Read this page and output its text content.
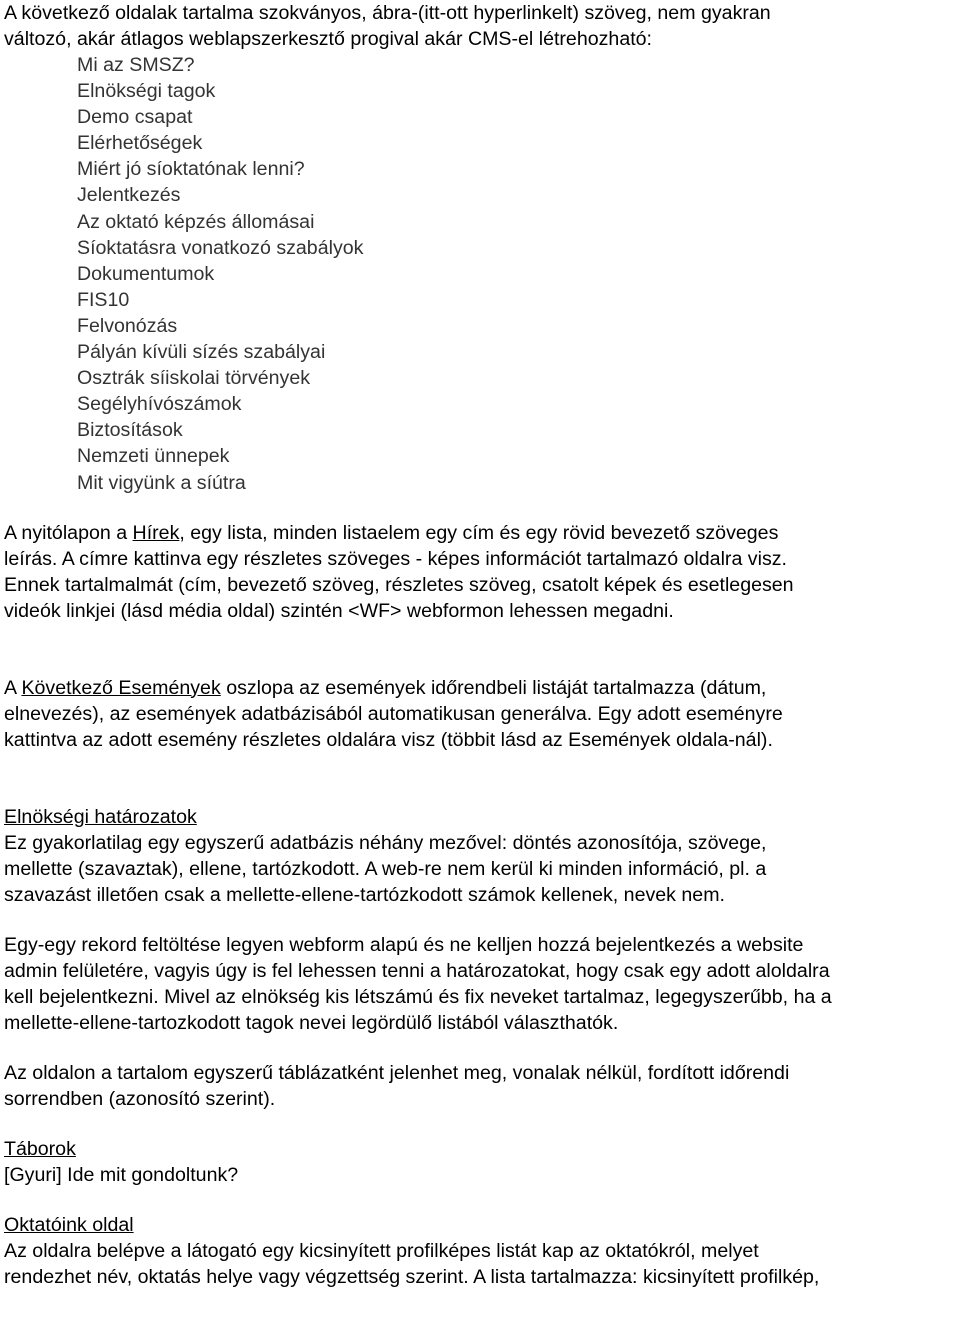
A következő oldalak tartalma szokványos, ábra-(itt-ott hyperlinkelt) szöveg, nem gyakran
változó, akár átlagos weblapszerkesztő progival akár CMS-el létrehozható:
Mi az SMSZ?
Elnökségi tagok
Demo csapat
Elérhetőségek
Miért jó síoktatónak lenni?
Jelentkezés
Az oktató képzés állomásai
Síoktatásra vonatkozó szabályok
Dokumentumok
FIS10
Felvonózás
Pályán kívüli sízés szabályai
Osztrák síiskolai törvények
Segélyhívószámok
Biztosítások
Nemzeti ünnepek
Mit vigyünk a síútra
A nyitólapon a Hírek, egy lista, minden listaelem egy cím és egy rövid bevezető szöveges
leírás. A címre kattinva egy részletes szöveges - képes információt tartalmazó oldalra visz.
Ennek tartalmalmát (cím, bevezető szöveg, részletes szöveg, csatolt képek és esetlegesen
videók linkjei (lásd média oldal) szintén <WF> webformon lehessen megadni.
A Következő Események oszlopa az események időrendbeli listáját tartalmazza (dátum,
elnevezés), az események adatbázisából automatikusan generálva. Egy adott eseményre
kattintva az adott esemény részletes oldalára visz (többit lásd az Események oldala-nál).
Elnökségi határozatok
Ez gyakorlatilag egy egyszerű adatbázis néhány mezővel: döntés azonosítója, szövege,
mellette (szavaztak), ellene, tartózkodott. A web-re nem kerül ki minden információ, pl. a
szavazást illetően csak a mellette-ellene-tartózkodott számok kellenek, nevek nem.
Egy-egy rekord feltöltése legyen webform alapú és ne kelljen hozzá bejelentkezés a website
admin felületére, vagyis úgy is fel lehessen tenni a határozatokat, hogy csak egy adott aloldalra
kell bejelentkezni. Mivel az elnökség kis létszámú és fix neveket tartalmaz, legegyszerűbb, ha a
mellette-ellene-tartozkodott tagok nevei legördülő listából választhatók.
Az oldalon a tartalom egyszerű táblázatként jelenhet meg, vonalak nélkül, fordított időrendi
sorrendben (azonosító szerint).
Táborok
[Gyuri] Ide mit gondoltunk?
Oktatóink oldal
Az oldalra belépve a látogató egy kicsinyített profilképes listát kap az oktatókról, melyet
rendezhet név, oktatás helye vagy végzettség szerint. A lista tartalmazza: kicsinyített profilkép,
